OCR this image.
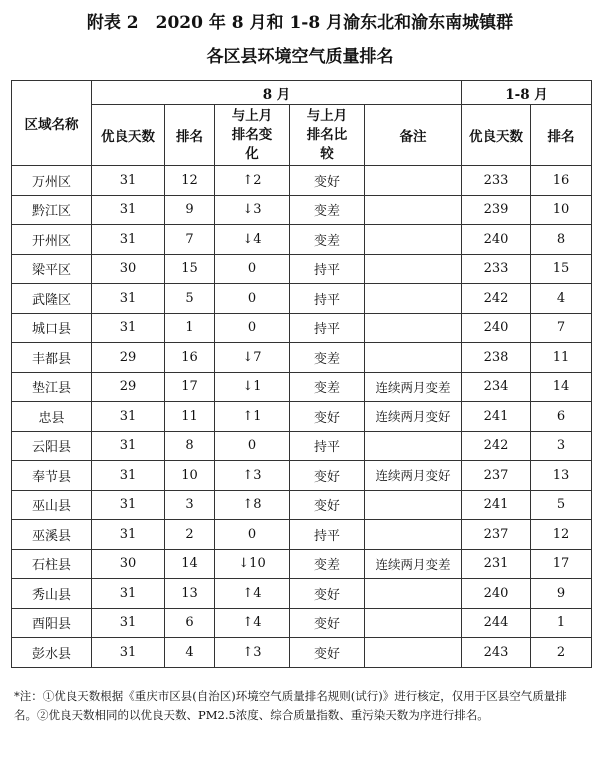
附表 2　2020 年 8 月和 1-8 月渝东北和渝东南城镇群
各区县环境空气质量排名
区域名称	8 月					1-8 月	
	优良天数	排名	与上月排名变化	与上月排名比较	备注	优良天数	排名
万州区	31	12	↑2	变好		233	16
黔江区	31	9	↓3	变差		239	10
开州区	31	7	↓4	变差		240	8
梁平区	30	15	0	持平		233	15
武隆区	31	5	0	持平		242	4
城口县	31	1	0	持平		240	7
丰都县	29	16	↓7	变差		238	11
垫江县	29	17	↓1	变差	连续两月变差	234	14
忠县	31	11	↑1	变好	连续两月变好	241	6
云阳县	31	8	0	持平		242	3
奉节县	31	10	↑3	变好	连续两月变好	237	13
巫山县	31	3	↑8	变好		241	5
巫溪县	31	2	0	持平		237	12
石柱县	30	14	↓10	变差	连续两月变差	231	17
秀山县	31	13	↑4	变好		240	9
酉阳县	31	6	↑4	变好		244	1
彭水县	31	4	↑3	变好		243	2
*注：①优良天数根据《重庆市区县(自治区)环境空气质量排名规则(试行)》进行核定，仅用于区县空气质量排名。②优良天数相同的以优良天数、PM2.5浓度、综合质量指数、重污染天数为序进行排名。
